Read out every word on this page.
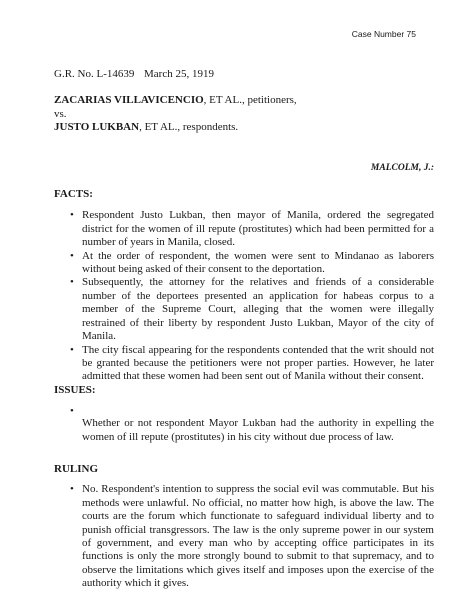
Case Number 75
G.R. No. L-14639 March 25, 1919

ZACARIAS VILLAVICENCIO, ET AL., petitioners,

vs.

JUSTO LUKBAN, ET AL., respondents.

MALCOLM, J.:
FACTS:
• Respondent Justo Lukban, then mayor of Manila, ordered the segregated district for the women of ill repute (prostitutes) which had been permitted for a number of years in Manila, closed.
• At the order of respondent, the women were sent to Mindanao as laborers without being asked of their consent to the deportation.
• Subsequently, the attorney for the relatives and friends of a considerable number of the deportees presented an application for habeas corpus to a member of the Supreme Court, alleging that the women were illegally restrained of their liberty by respondent Justo Lukban, Mayor of the city of Manila.
• The city fiscal appearing for the respondents contended that the writ should not be granted because the petitioners were not proper parties. However, he later admitted that these women had been sent out of Manila without their consent.
ISSUES:
•
Whether or not respondent Mayor Lukban had the authority in expelling the women of ill repute (prostitutes) in his city without due process of law.
RULING
• No. Respondent's intention to suppress the social evil was commutable. But his methods were unlawful. No official, no matter how high, is above the law. The courts are the forum which functionate to safeguard individual liberty and to punish official transgressors. The law is the only supreme power in our system of government, and every man who by accepting office participates in its functions is only the more strongly bound to submit to that supremacy, and to observe the limitations which gives itself and imposes upon the exercise of the authority which it gives.
